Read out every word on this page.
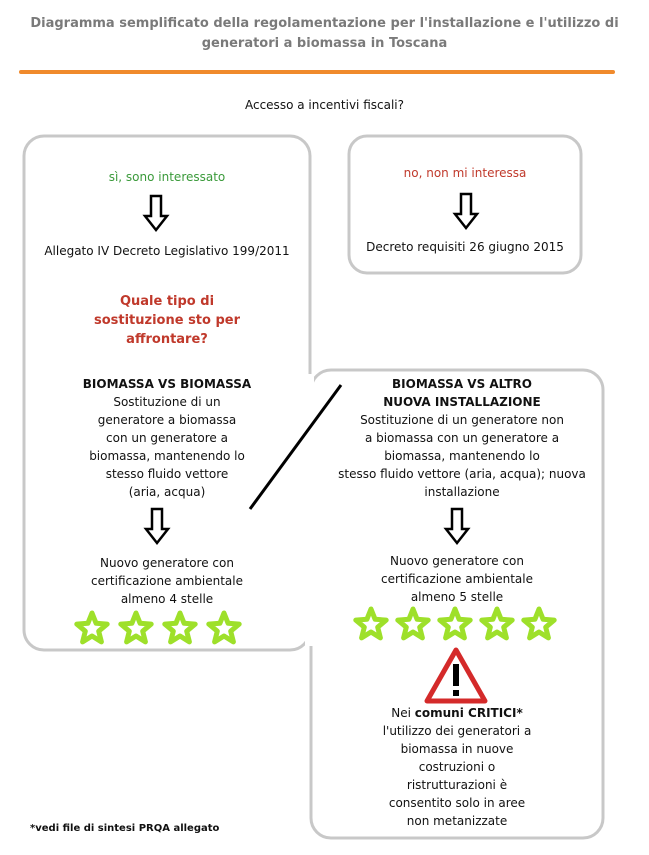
Diagramma semplificato della regolamentazione per l'installazione e l'utilizzo di
generatori a biomassa in Toscana
Accesso a incentivi fiscali?
sì, sono interessato
Allegato IV Decreto Legislativo 199/2011
Quale tipo di
sostituzione sto per
affrontare?
BIOMASSA VS BIOMASSA
Sostituzione di un
generatore a biomassa
con un generatore a
biomassa, mantenendo lo
stesso fluido vettore
(aria, acqua)
Nuovo generatore con
certificazione ambientale
almeno 4 stelle
no, non mi interessa
Decreto requisiti 26 giugno 2015
BIOMASSA VS ALTRO
NUOVA INSTALLAZIONE
Sostituzione di un generatore non
a biomassa con un generatore a
biomassa, mantenendo lo
stesso fluido vettore (aria, acqua); nuova
installazione
Nuovo generatore con
certificazione ambientale
almeno 5 stelle
Nei comuni CRITICI*
l'utilizzo dei generatori a
biomassa in nuove
costruzioni o
ristrutturazioni è
consentito solo in aree
non metanizzate
*vedi file di sintesi PRQA allegato
